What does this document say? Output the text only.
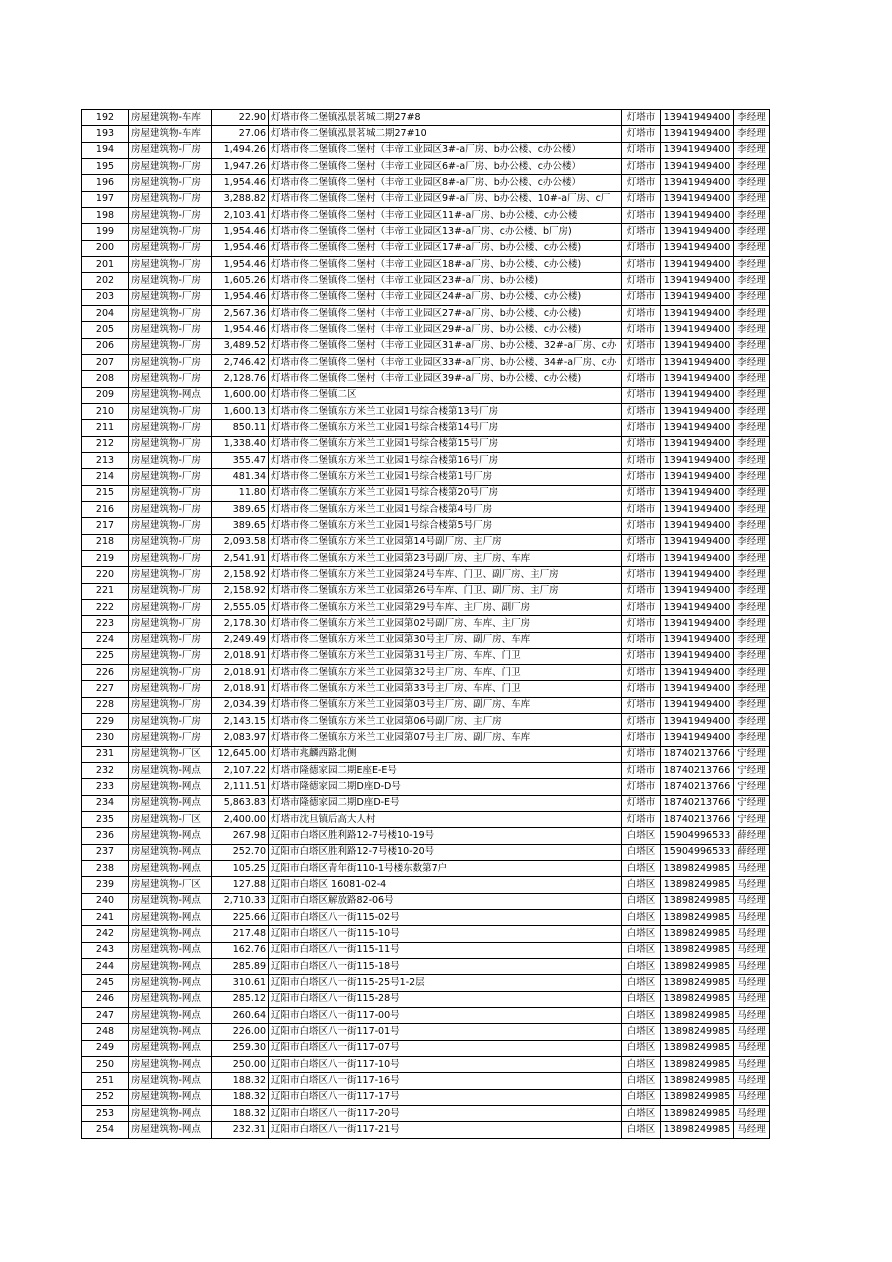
192	房屋建筑物-车库	22.90	灯塔市佟二堡镇泓景茗城二期27#8	灯塔市	13941949400	李经理
193	房屋建筑物-车库	27.06	灯塔市佟二堡镇泓景茗城二期27#10	灯塔市	13941949400	李经理
194	房屋建筑物-厂房	1,494.26	灯塔市佟二堡镇佟二堡村（丰帝工业园区3#-a厂房、b办公楼、c办公楼）	灯塔市	13941949400	李经理
195	房屋建筑物-厂房	1,947.26	灯塔市佟二堡镇佟二堡村（丰帝工业园区6#-a厂房、b办公楼、c办公楼）	灯塔市	13941949400	李经理
196	房屋建筑物-厂房	1,954.46	灯塔市佟二堡镇佟二堡村（丰帝工业园区8#-a厂房、b办公楼、c办公楼）	灯塔市	13941949400	李经理
197	房屋建筑物-厂房	3,288.82	灯塔市佟二堡镇佟二堡村（丰帝工业园区9#-a厂房、b办公楼、10#-a厂房、c厂	灯塔市	13941949400	李经理
198	房屋建筑物-厂房	2,103.41	灯塔市佟二堡镇佟二堡村（丰帝工业园区11#-a厂房、b办公楼、c办公楼	灯塔市	13941949400	李经理
199	房屋建筑物-厂房	1,954.46	灯塔市佟二堡镇佟二堡村（丰帝工业园区13#-a厂房、c办公楼、b厂房)	灯塔市	13941949400	李经理
200	房屋建筑物-厂房	1,954.46	灯塔市佟二堡镇佟二堡村（丰帝工业园区17#-a厂房、b办公楼、c办公楼)	灯塔市	13941949400	李经理
201	房屋建筑物-厂房	1,954.46	灯塔市佟二堡镇佟二堡村（丰帝工业园区18#-a厂房、b办公楼、c办公楼)	灯塔市	13941949400	李经理
202	房屋建筑物-厂房	1,605.26	灯塔市佟二堡镇佟二堡村（丰帝工业园区23#-a厂房、b办公楼)	灯塔市	13941949400	李经理
203	房屋建筑物-厂房	1,954.46	灯塔市佟二堡镇佟二堡村（丰帝工业园区24#-a厂房、b办公楼、c办公楼)	灯塔市	13941949400	李经理
204	房屋建筑物-厂房	2,567.36	灯塔市佟二堡镇佟二堡村（丰帝工业园区27#-a厂房、b办公楼、c办公楼)	灯塔市	13941949400	李经理
205	房屋建筑物-厂房	1,954.46	灯塔市佟二堡镇佟二堡村（丰帝工业园区29#-a厂房、b办公楼、c办公楼)	灯塔市	13941949400	李经理
206	房屋建筑物-厂房	3,489.52	灯塔市佟二堡镇佟二堡村（丰帝工业园区31#-a厂房、b办公楼、32#-a厂房、c办	灯塔市	13941949400	李经理
207	房屋建筑物-厂房	2,746.42	灯塔市佟二堡镇佟二堡村（丰帝工业园区33#-a厂房、b办公楼、34#-a厂房、c办	灯塔市	13941949400	李经理
208	房屋建筑物-厂房	2,128.76	灯塔市佟二堡镇佟二堡村（丰帝工业园区39#-a厂房、b办公楼、c办公楼)	灯塔市	13941949400	李经理
209	房屋建筑物-网点	1,600.00	灯塔市佟二堡镇二区	灯塔市	13941949400	李经理
210	房屋建筑物-厂房	1,600.13	灯塔市佟二堡镇东方米兰工业园1号综合楼第13号厂房	灯塔市	13941949400	李经理
211	房屋建筑物-厂房	850.11	灯塔市佟二堡镇东方米兰工业园1号综合楼第14号厂房	灯塔市	13941949400	李经理
212	房屋建筑物-厂房	1,338.40	灯塔市佟二堡镇东方米兰工业园1号综合楼第15号厂房	灯塔市	13941949400	李经理
213	房屋建筑物-厂房	355.47	灯塔市佟二堡镇东方米兰工业园1号综合楼第16号厂房	灯塔市	13941949400	李经理
214	房屋建筑物-厂房	481.34	灯塔市佟二堡镇东方米兰工业园1号综合楼第1号厂房	灯塔市	13941949400	李经理
215	房屋建筑物-厂房	11.80	灯塔市佟二堡镇东方米兰工业园1号综合楼第20号厂房	灯塔市	13941949400	李经理
216	房屋建筑物-厂房	389.65	灯塔市佟二堡镇东方米兰工业园1号综合楼第4号厂房	灯塔市	13941949400	李经理
217	房屋建筑物-厂房	389.65	灯塔市佟二堡镇东方米兰工业园1号综合楼第5号厂房	灯塔市	13941949400	李经理
218	房屋建筑物-厂房	2,093.58	灯塔市佟二堡镇东方米兰工业园第14号副厂房、主厂房	灯塔市	13941949400	李经理
219	房屋建筑物-厂房	2,541.91	灯塔市佟二堡镇东方米兰工业园第23号副厂房、主厂房、车库	灯塔市	13941949400	李经理
220	房屋建筑物-厂房	2,158.92	灯塔市佟二堡镇东方米兰工业园第24号车库、门卫、副厂房、主厂房	灯塔市	13941949400	李经理
221	房屋建筑物-厂房	2,158.92	灯塔市佟二堡镇东方米兰工业园第26号车库、门卫、副厂房、主厂房	灯塔市	13941949400	李经理
222	房屋建筑物-厂房	2,555.05	灯塔市佟二堡镇东方米兰工业园第29号车库、主厂房、副厂房	灯塔市	13941949400	李经理
223	房屋建筑物-厂房	2,178.30	灯塔市佟二堡镇东方米兰工业园第02号副厂房、车库、主厂房	灯塔市	13941949400	李经理
224	房屋建筑物-厂房	2,249.49	灯塔市佟二堡镇东方米兰工业园第30号主厂房、副厂房、车库	灯塔市	13941949400	李经理
225	房屋建筑物-厂房	2,018.91	灯塔市佟二堡镇东方米兰工业园第31号主厂房、车库、门卫	灯塔市	13941949400	李经理
226	房屋建筑物-厂房	2,018.91	灯塔市佟二堡镇东方米兰工业园第32号主厂房、车库、门卫	灯塔市	13941949400	李经理
227	房屋建筑物-厂房	2,018.91	灯塔市佟二堡镇东方米兰工业园第33号主厂房、车库、门卫	灯塔市	13941949400	李经理
228	房屋建筑物-厂房	2,034.39	灯塔市佟二堡镇东方米兰工业园第03号主厂房、副厂房、车库	灯塔市	13941949400	李经理
229	房屋建筑物-厂房	2,143.15	灯塔市佟二堡镇东方米兰工业园第06号副厂房、主厂房	灯塔市	13941949400	李经理
230	房屋建筑物-厂房	2,083.97	灯塔市佟二堡镇东方米兰工业园第07号主厂房、副厂房、车库	灯塔市	13941949400	李经理
231	房屋建筑物-厂区	12,645.00	灯塔市兆麟西路北侧	灯塔市	18740213766	宁经理
232	房屋建筑物-网点	2,107.22	灯塔市隆德家园二期E座E-E号	灯塔市	18740213766	宁经理
233	房屋建筑物-网点	2,111.51	灯塔市隆德家园二期D座D-D号	灯塔市	18740213766	宁经理
234	房屋建筑物-网点	5,863.83	灯塔市隆德家园二期D座D-E号	灯塔市	18740213766	宁经理
235	房屋建筑物-厂区	2,400.00	灯塔市沈旦镇后高大人村	灯塔市	18740213766	宁经理
236	房屋建筑物-网点	267.98	辽阳市白塔区胜利路12-7号楼10-19号	白塔区	15904996533	薛经理
237	房屋建筑物-网点	252.70	辽阳市白塔区胜利路12-7号楼10-20号	白塔区	15904996533	薛经理
238	房屋建筑物-网点	105.25	辽阳市白塔区青年街110-1号楼东数第7户	白塔区	13898249985	马经理
239	房屋建筑物-厂区	127.88	辽阳市白塔区 16081-02-4	白塔区	13898249985	马经理
240	房屋建筑物-网点	2,710.33	辽阳市白塔区解放路82-06号	白塔区	13898249985	马经理
241	房屋建筑物-网点	225.66	辽阳市白塔区八一街115-02号	白塔区	13898249985	马经理
242	房屋建筑物-网点	217.48	辽阳市白塔区八一街115-10号	白塔区	13898249985	马经理
243	房屋建筑物-网点	162.76	辽阳市白塔区八一街115-11号	白塔区	13898249985	马经理
244	房屋建筑物-网点	285.89	辽阳市白塔区八一街115-18号	白塔区	13898249985	马经理
245	房屋建筑物-网点	310.61	辽阳市白塔区八一街115-25号1-2层	白塔区	13898249985	马经理
246	房屋建筑物-网点	285.12	辽阳市白塔区八一街115-28号	白塔区	13898249985	马经理
247	房屋建筑物-网点	260.64	辽阳市白塔区八一街117-00号	白塔区	13898249985	马经理
248	房屋建筑物-网点	226.00	辽阳市白塔区八一街117-01号	白塔区	13898249985	马经理
249	房屋建筑物-网点	259.30	辽阳市白塔区八一街117-07号	白塔区	13898249985	马经理
250	房屋建筑物-网点	250.00	辽阳市白塔区八一街117-10号	白塔区	13898249985	马经理
251	房屋建筑物-网点	188.32	辽阳市白塔区八一街117-16号	白塔区	13898249985	马经理
252	房屋建筑物-网点	188.32	辽阳市白塔区八一街117-17号	白塔区	13898249985	马经理
253	房屋建筑物-网点	188.32	辽阳市白塔区八一街117-20号	白塔区	13898249985	马经理
254	房屋建筑物-网点	232.31	辽阳市白塔区八一街117-21号	白塔区	13898249985	马经理
